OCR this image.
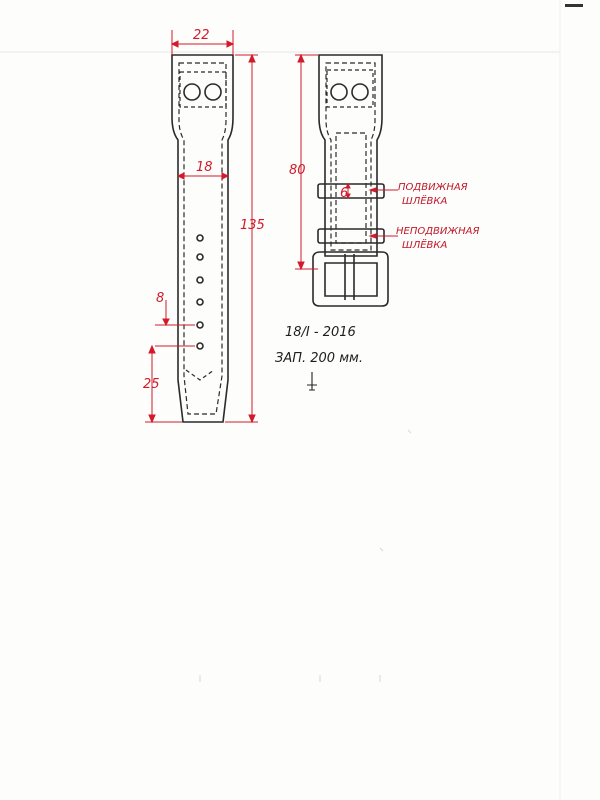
22
18
135
8
25
80
6	ПОДВИЖНАЯ
ШЛЁВКА
НЕПОДВИЖНАЯ
ШЛЁВКА
18/I - 2016
ЗАП. 200 мм.
